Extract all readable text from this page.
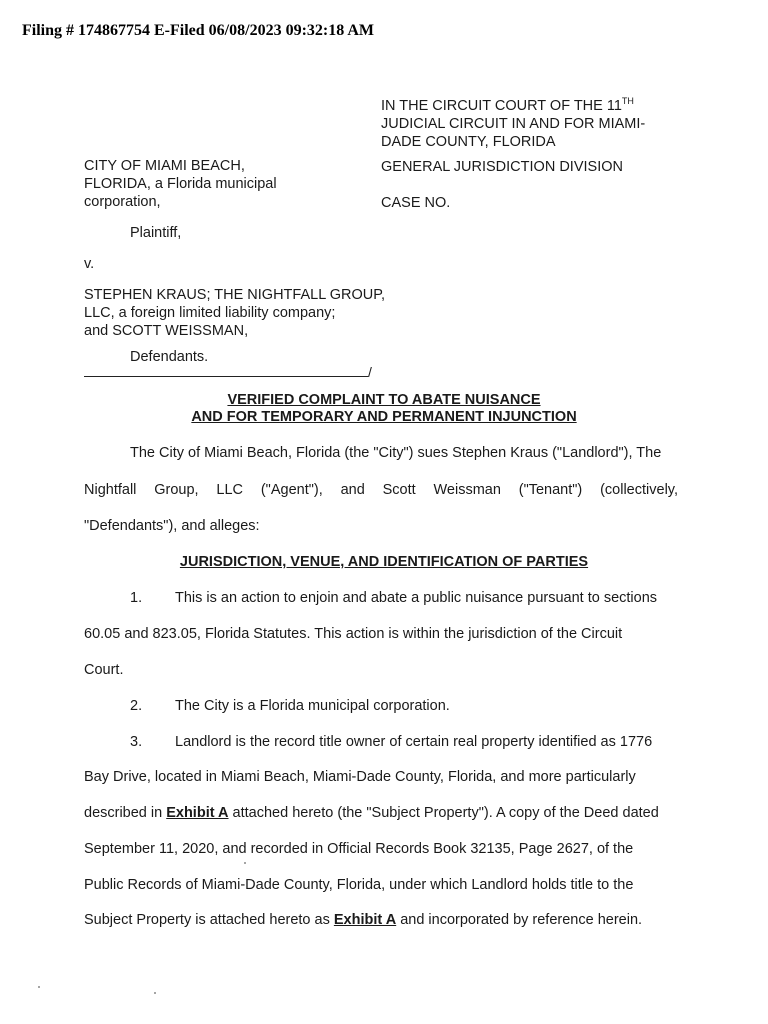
Filing # 174867754 E-Filed 06/08/2023 09:32:18 AM
IN THE CIRCUIT COURT OF THE 11TH
JUDICIAL CIRCUIT IN AND FOR MIAMI-
DADE COUNTY, FLORIDA
CITY OF MIAMI BEACH,
FLORIDA, a Florida municipal
corporation,
GENERAL JURISDICTION DIVISION
CASE NO.
Plaintiff,
v.
STEPHEN KRAUS; THE NIGHTFALL GROUP,
LLC, a foreign limited liability company;
and SCOTT WEISSMAN,
Defendants.
/
VERIFIED COMPLAINT TO ABATE NUISANCE
AND FOR TEMPORARY AND PERMANENT INJUNCTION
The City of Miami Beach, Florida (the "City") sues Stephen Kraus ("Landlord"), The
Nightfall Group, LLC ("Agent"), and Scott Weissman ("Tenant") (collectively,
"Defendants"), and alleges:
JURISDICTION, VENUE, AND IDENTIFICATION OF PARTIES
1. This is an action to enjoin and abate a public nuisance pursuant to sections
60.05 and 823.05, Florida Statutes. This action is within the jurisdiction of the Circuit
Court.
2. The City is a Florida municipal corporation.
3. Landlord is the record title owner of certain real property identified as 1776
Bay Drive, located in Miami Beach, Miami-Dade County, Florida, and more particularly
described in Exhibit A attached hereto (the "Subject Property"). A copy of the Deed dated
September 11, 2020, and recorded in Official Records Book 32135, Page 2627, of the
Public Records of Miami-Dade County, Florida, under which Landlord holds title to the
Subject Property is attached hereto as Exhibit A and incorporated by reference herein.
